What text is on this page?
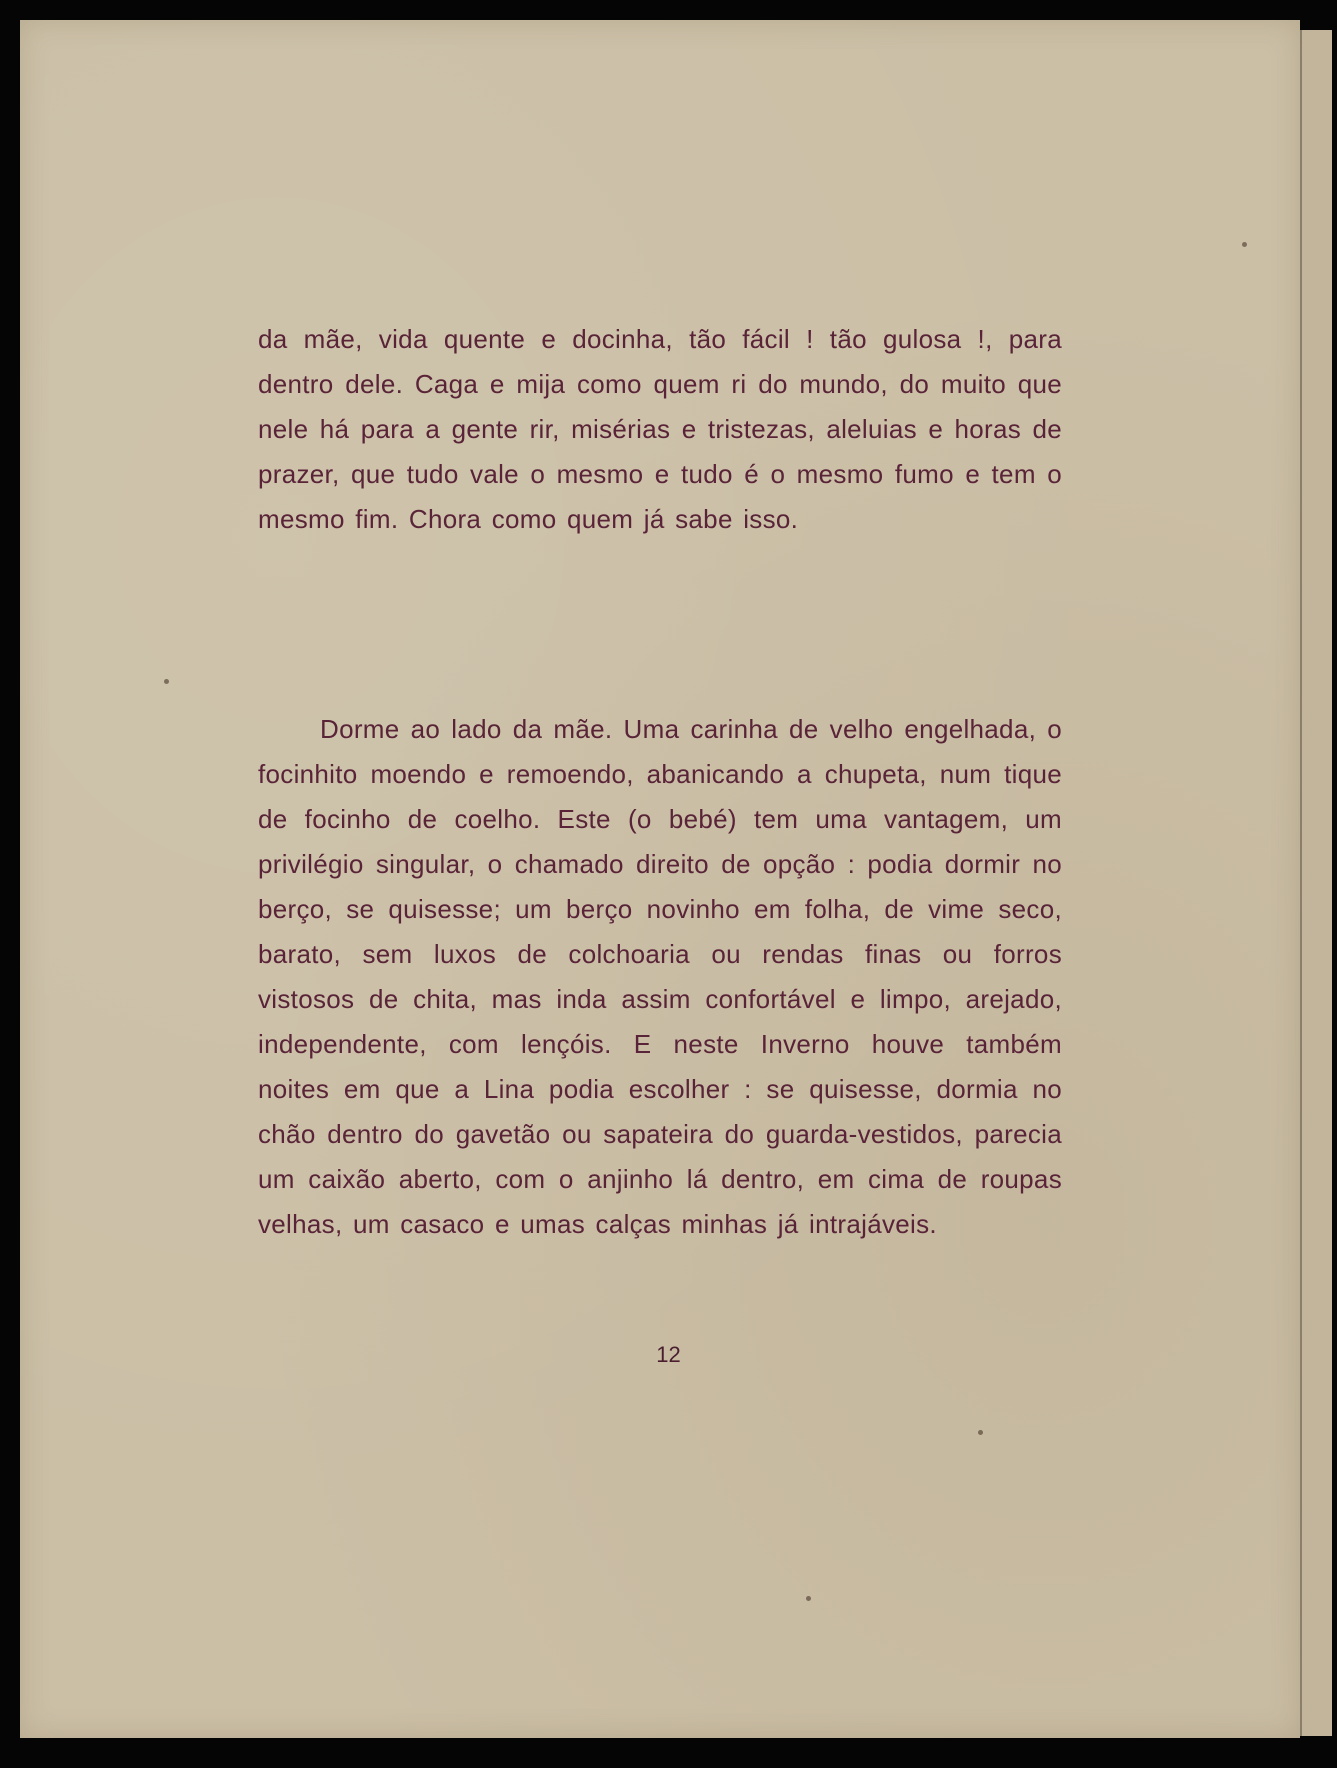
da mãe, vida quente e docinha, tão fácil ! tão gulosa !, para dentro dele. Caga e mija como quem ri do mundo, do muito que nele há para a gente rir, misérias e tristezas, aleluias e horas de prazer, que tudo vale o mesmo e tudo é o mesmo fumo e tem o mesmo fim. Chora como quem já sabe isso.
Dorme ao lado da mãe. Uma carinha de velho engelhada, o focinhito moendo e remoendo, abanicando a chupeta, num tique de focinho de coelho. Este (o bebé) tem uma vantagem, um privilégio singular, o chamado direito de opção : podia dormir no berço, se quisesse; um berço novinho em folha, de vime seco, barato, sem luxos de colchoaria ou rendas finas ou forros vistosos de chita, mas inda assim confortável e limpo, arejado, independente, com lençóis. E neste Inverno houve também noites em que a Lina podia escolher : se quisesse, dormia no chão dentro do gavetão ou sapateira do guarda-vestidos, parecia um caixão aberto, com o anjinho lá dentro, em cima de roupas velhas, um casaco e umas calças minhas já intrajáveis.
12
